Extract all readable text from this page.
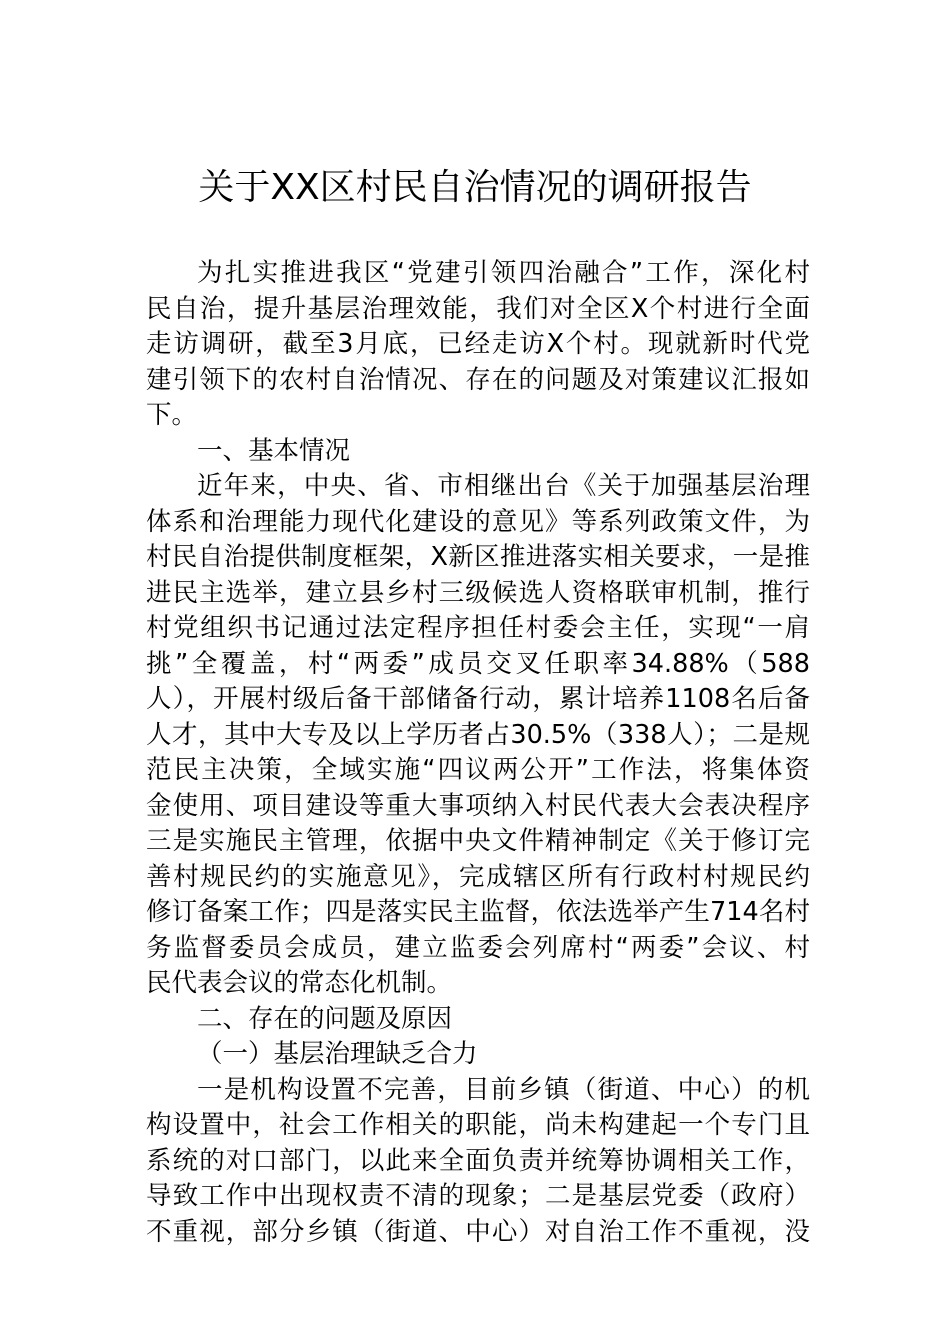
关于XX区村民自治情况的调研报告
为扎实推进我区“党建引领四治融合”工作，深化村
民自治，提升基层治理效能，我们对全区X个村进行全面
走访调研，截至3月底，已经走访X个村。现就新时代党
建引领下的农村自治情况、存在的问题及对策建议汇报如
下。
一、基本情况
近年来，中央、省、市相继出台《关于加强基层治理
体系和治理能力现代化建设的意见》等系列政策文件，为
村民自治提供制度框架，X新区推进落实相关要求，一是推
进民主选举，建立县乡村三级候选人资格联审机制，推行
村党组织书记通过法定程序担任村委会主任，实现“一肩
挑”全覆盖，村“两委”成员交叉任职率34.88%（588
人），开展村级后备干部储备行动，累计培养1108名后备
人才，其中大专及以上学历者占30.5%（338人）；二是规
范民主决策，全域实施“四议两公开”工作法，将集体资
金使用、项目建设等重大事项纳入村民代表大会表决程序
三是实施民主管理，依据中央文件精神制定《关于修订完
善村规民约的实施意见》，完成辖区所有行政村村规民约
修订备案工作；四是落实民主监督，依法选举产生714名村
务监督委员会成员，建立监委会列席村“两委”会议、村
民代表会议的常态化机制。
二、存在的问题及原因
（一）基层治理缺乏合力
一是机构设置不完善，目前乡镇（街道、中心）的机
构设置中，社会工作相关的职能，尚未构建起一个专门且
系统的对口部门，以此来全面负责并统筹协调相关工作，
导致工作中出现权责不清的现象；二是基层党委（政府）
不重视，部分乡镇（街道、中心）对自治工作不重视，没
